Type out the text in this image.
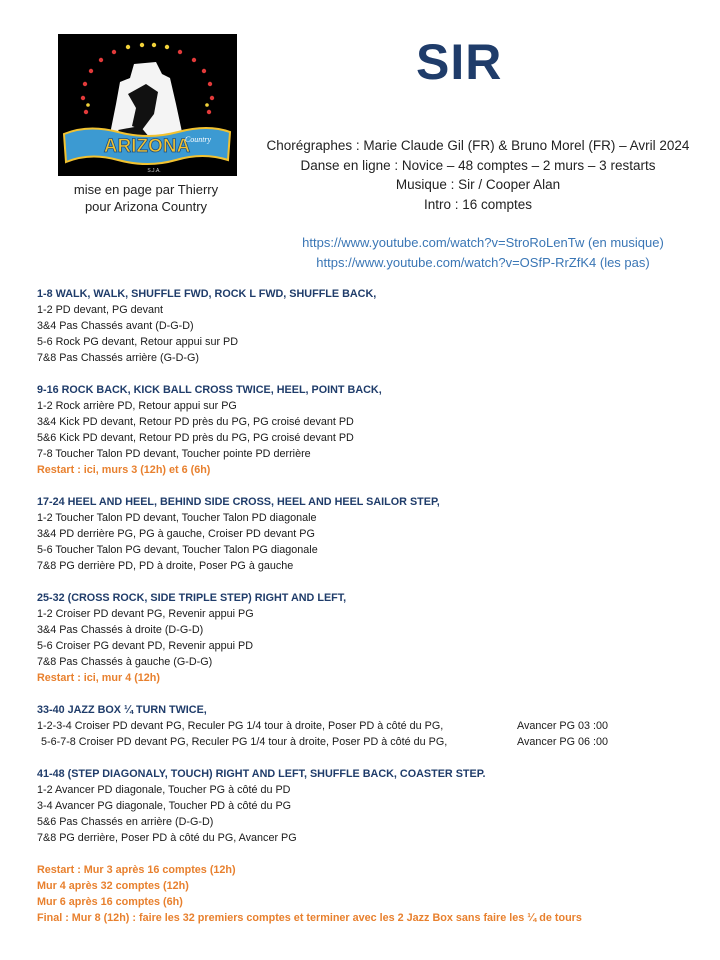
ARIZONA
Country
S.J.A.
mise en page par Thierry
pour Arizona Country
SIR
Chorégraphes : Marie Claude Gil (FR) & Bruno Morel (FR) – Avril 2024
Danse en ligne : Novice – 48 comptes – 2 murs – 3 restarts
Musique : Sir / Cooper Alan
Intro : 16 comptes
https://www.youtube.com/watch?v=StroRoLenTw (en musique)
https://www.youtube.com/watch?v=OSfP-RrZfK4 (les pas)
1-8 WALK, WALK, SHUFFLE FWD, ROCK L FWD, SHUFFLE BACK,
1-2 PD devant, PG devant
3&4 Pas Chassés avant (D-G-D)
5-6 Rock PG devant, Retour appui sur PD
7&8 Pas Chassés arrière (G-D-G)
9-16 ROCK BACK, KICK BALL CROSS TWICE, HEEL, POINT BACK,
1-2 Rock arrière PD, Retour appui sur PG
3&4 Kick PD devant, Retour PD près du PG, PG croisé devant PD
5&6 Kick PD devant, Retour PD près du PG, PG croisé devant PD
7-8 Toucher Talon PD devant, Toucher pointe PD derrière
Restart : ici, murs 3 (12h) et 6 (6h)
17-24 HEEL AND HEEL, BEHIND SIDE CROSS, HEEL AND HEEL SAILOR STEP,
1-2 Toucher Talon PD devant, Toucher Talon PD diagonale
3&4 PD derrière PG, PG à gauche, Croiser PD devant PG
5-6 Toucher Talon PG devant, Toucher Talon PG diagonale
7&8 PG derrière PD, PD à droite, Poser PG à gauche
25-32 (CROSS ROCK, SIDE TRIPLE STEP) RIGHT AND LEFT,
1-2 Croiser PD devant PG, Revenir appui PG
3&4 Pas Chassés à droite (D-G-D)
5-6 Croiser PG devant PD, Revenir appui PD
7&8 Pas Chassés à gauche (G-D-G)
Restart : ici, mur 4 (12h)
33-40 JAZZ BOX ¼ TURN TWICE,
1-2-3-4 Croiser PD devant PG, Reculer PG 1/4 tour à droite, Poser PD à côté du PG,	Avancer PG 03 :00
5-6-7-8 Croiser PD devant PG, Reculer PG 1/4 tour à droite, Poser PD à côté du PG,	Avancer PG 06 :00
41-48 (STEP DIAGONALY, TOUCH) RIGHT AND LEFT, SHUFFLE BACK, COASTER STEP.
1-2 Avancer PD diagonale, Toucher PG à côté du PD
3-4 Avancer PG diagonale, Toucher PD à côté du PG
5&6 Pas Chassés en arrière (D-G-D)
7&8 PG derrière, Poser PD à côté du PG, Avancer PG
Restart : Mur 3 après 16 comptes (12h)
Mur 4 après 32 comptes (12h)
Mur 6 après 16 comptes (6h)
Final : Mur 8 (12h) : faire les 32 premiers comptes et terminer avec les 2 Jazz Box sans faire les ¼ de tours
